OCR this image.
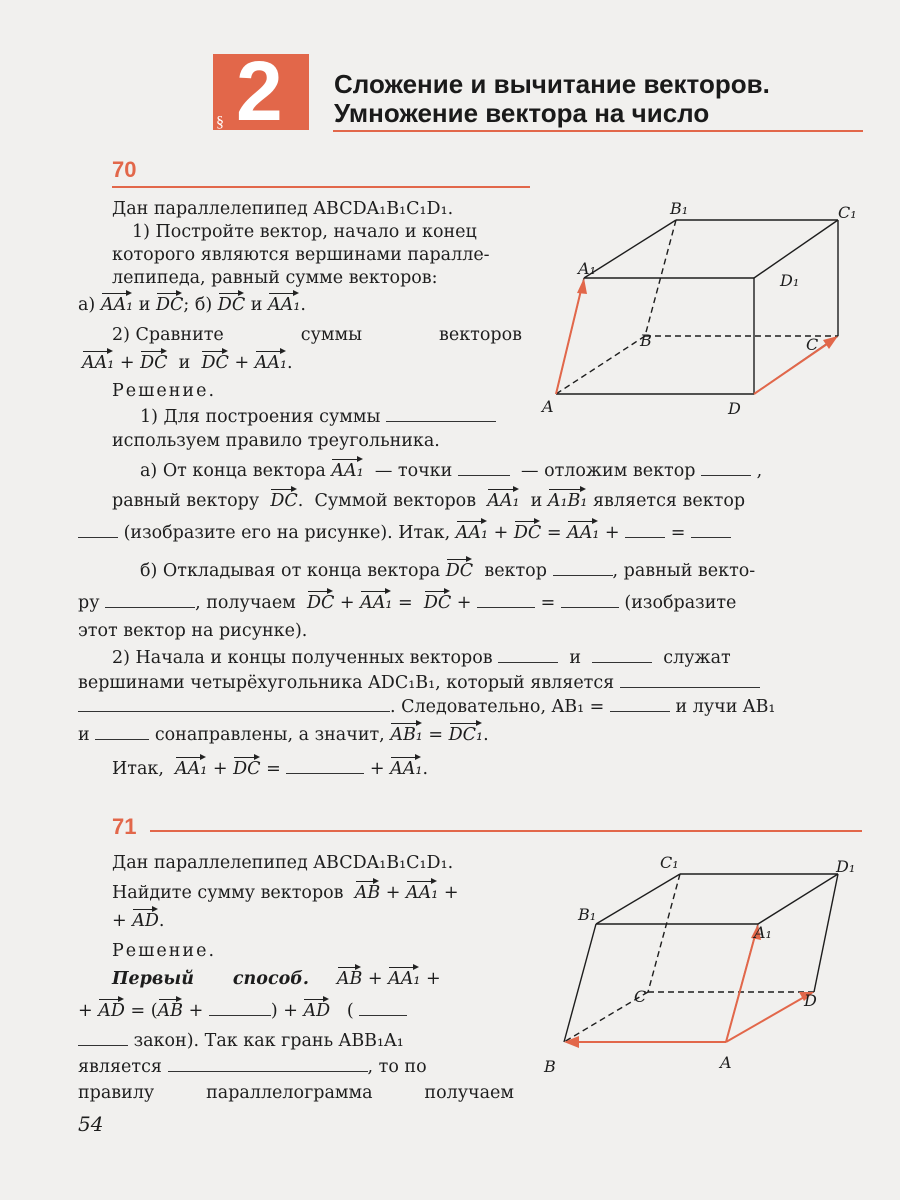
§ 2 Сложение и вычитание векторов.
Умножение вектора на число
70
Дан параллелепипед ABCDA₁B₁C₁D₁.
1) Постройте вектор, начало и конец
которого являются вершинами паралле-
лепипеда, равный сумме векторов:
а) AA₁ и DC; б) DC и AA₁.
2) Сравните	суммы	векторов
AA₁ + DC и DC + AA₁.
Решение.
1) Для построения суммы
используем правило треугольника.
а) От конца вектора AA₁ — точки	— отложим вектор	,
равный вектору DC.  Суммой векторов AA₁ и A₁B₁ является вектор
(изобразите его на рисунке). Итак, AA₁ + DC = AA₁ +  =
б) Откладывая от конца вектора DC вектор	, равный векто-
ру	, получаем DC + AA₁ =  DC +	=	(изобразите
этот вектор на рисунке).
2) Начала и концы полученных векторов	и	служат
вершинами четырёхугольника ADC₁B₁, который является
. Следовательно, AB₁ =	и лучи AB₁
и	сонаправлены, а значит, AB₁ = DC₁.
Итак, AA₁ + DC =	+ AA₁.
B₁	C₁
A₁
D₁
B	C
A	D
71
Дан параллелепипед ABCDA₁B₁C₁D₁.
Найдите сумму векторов AB + AA₁ +
+ AD.
Решение.
Первый способ. AB + AA₁ +
+ AD = (AB +	) + AD   (
закон). Так как грань ABB₁A₁
является	, то по
правилу	параллелограмма	получаем
C₁	D₁
B₁
A₁
C	D
B	A
54
